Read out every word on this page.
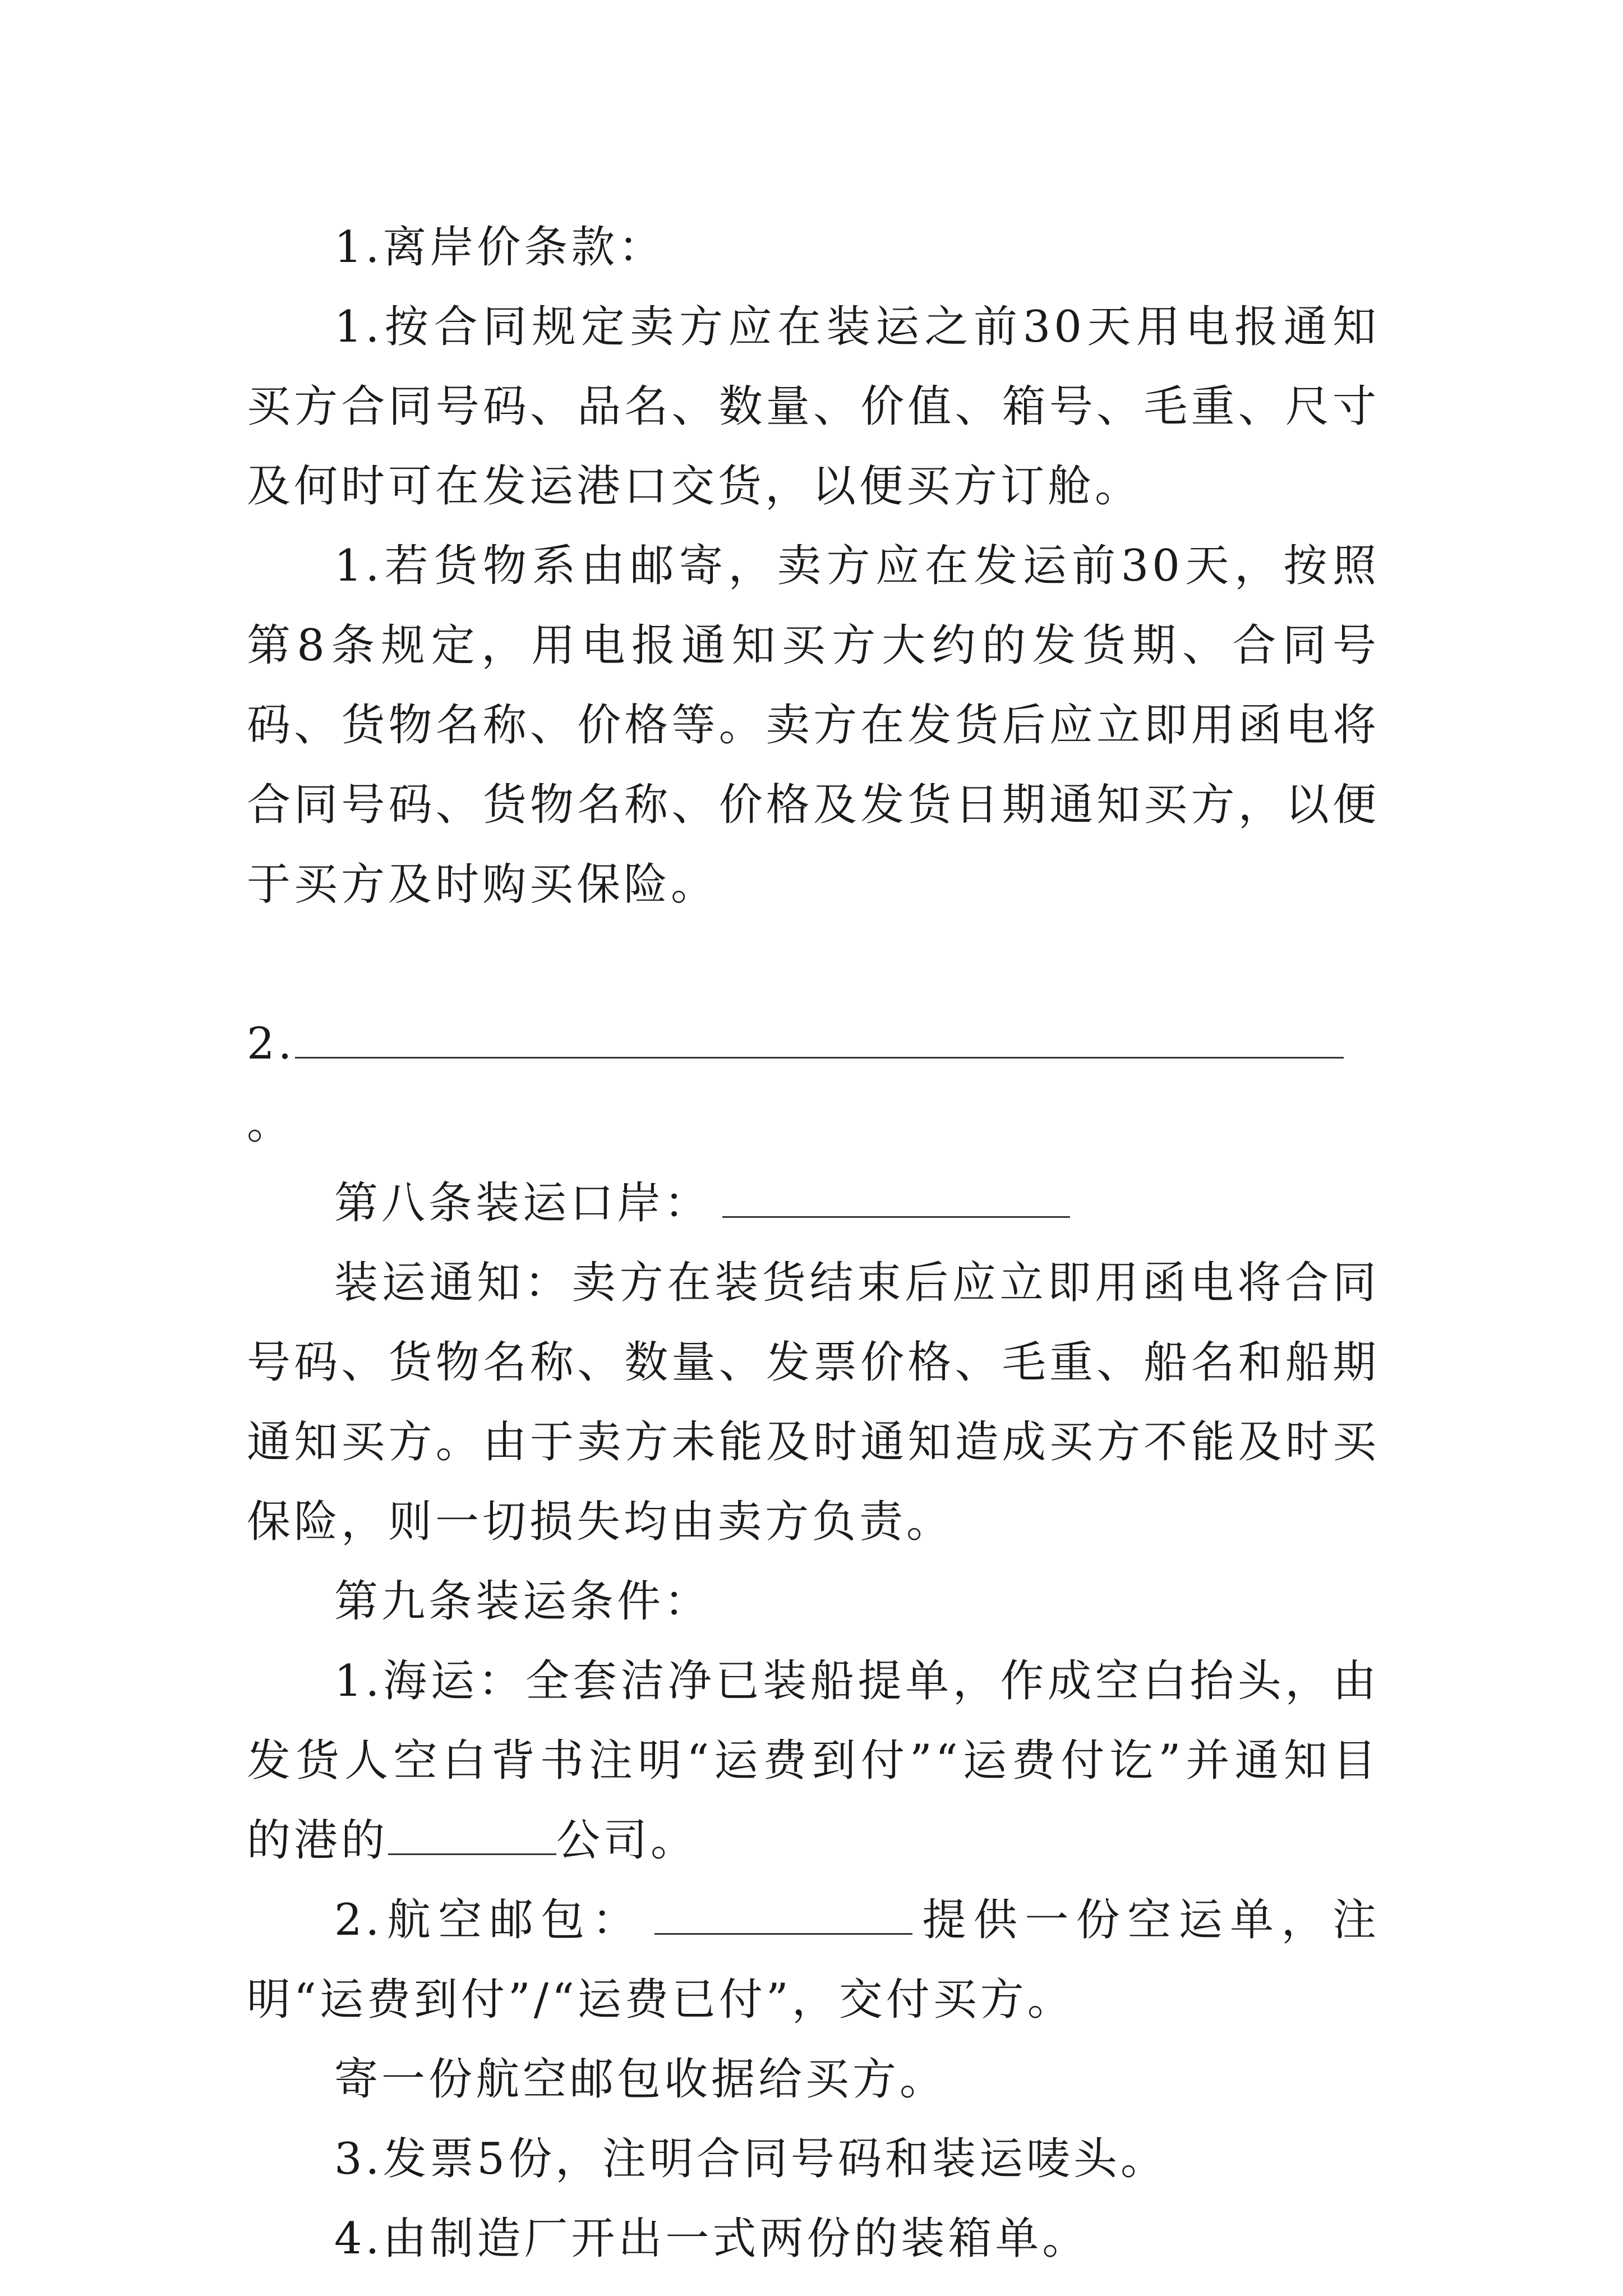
1.离岸价条款：

1.按合同规定卖方应在装运之前30天用电报通知买方合同号码、品名、数量、价值、箱号、毛重、尺寸及何时可在发运港口交货，以便买方订舱。

1.若货物系由邮寄，卖方应在发运前30天，按照第8条规定，用电报通知买方大约的发货期、合同号码、货物名称、价格等。卖方在发货后应立即用函电将合同号码、货物名称、价格及发货日期通知买方，以便于买方及时购买保险。

2.。

第八条装运口岸：

装运通知：卖方在装货结束后应立即用函电将合同号码、货物名称、数量、发票价格、毛重、船名和船期通知买方。由于卖方未能及时通知造成买方不能及时买保险，则一切损失均由卖方负责。

第九条装运条件：

1.海运：全套洁净已装船提单，作成空白抬头，由发货人空白背书注明“运费到付”“运费付讫”并通知目的港的	公司。

2.航空邮包：	提供一份空运单，注明“运费到付”/“运费已付”，交付买方。

寄一份航空邮包收据给买方。

3.发票5份，注明合同号码和装运唛头。

4.由制造厂开出一式两份的装箱单。
